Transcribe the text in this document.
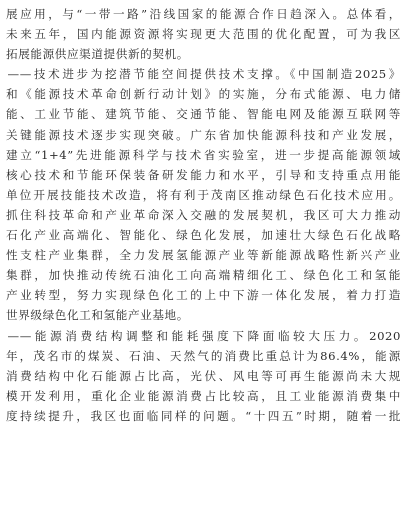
展应用，与“一带一路”沿线国家的能源合作日趋深入。总体看，
未来五年，国内能源资源将实现更大范围的优化配置，可为我区
拓展能源供应渠道提供新的契机。
——技术进步为挖潜节能空间提供技术支撑。《中国制造2025》
和《能源技术革命创新行动计划》的实施，分布式能源、电力储
能、工业节能、建筑节能、交通节能、智能电网及能源互联网等
关键能源技术逐步实现突破。广东省加快能源科技和产业发展，
建立“1+4”先进能源科学与技术省实验室，进一步提高能源领域
核心技术和节能环保装备研发能力和水平，引导和支持重点用能
单位开展技能技术改造，将有利于茂南区推动绿色石化技术应用。
抓住科技革命和产业革命深入交融的发展契机，我区可大力推动
石化产业高端化、智能化、绿色化发展，加速壮大绿色石化战略
性支柱产业集群，全力发展氢能源产业等新能源战略性新兴产业
集群，加快推动传统石油化工向高端精细化工、绿色化工和氢能
产业转型，努力实现绿色化工的上中下游一体化发展，着力打造
世界级绿色化工和氢能产业基地。
——能源消费结构调整和能耗强度下降面临较大压力。2020
年，茂名市的煤炭、石油、天然气的消费比重总计为86.4%，能源
消费结构中化石能源占比高，光伏、风电等可再生能源尚未大规
模开发利用，重化企业能源消费占比较高，且工业能源消费集中
度持续提升，我区也面临同样的问题。“十四五”时期，随着一批
